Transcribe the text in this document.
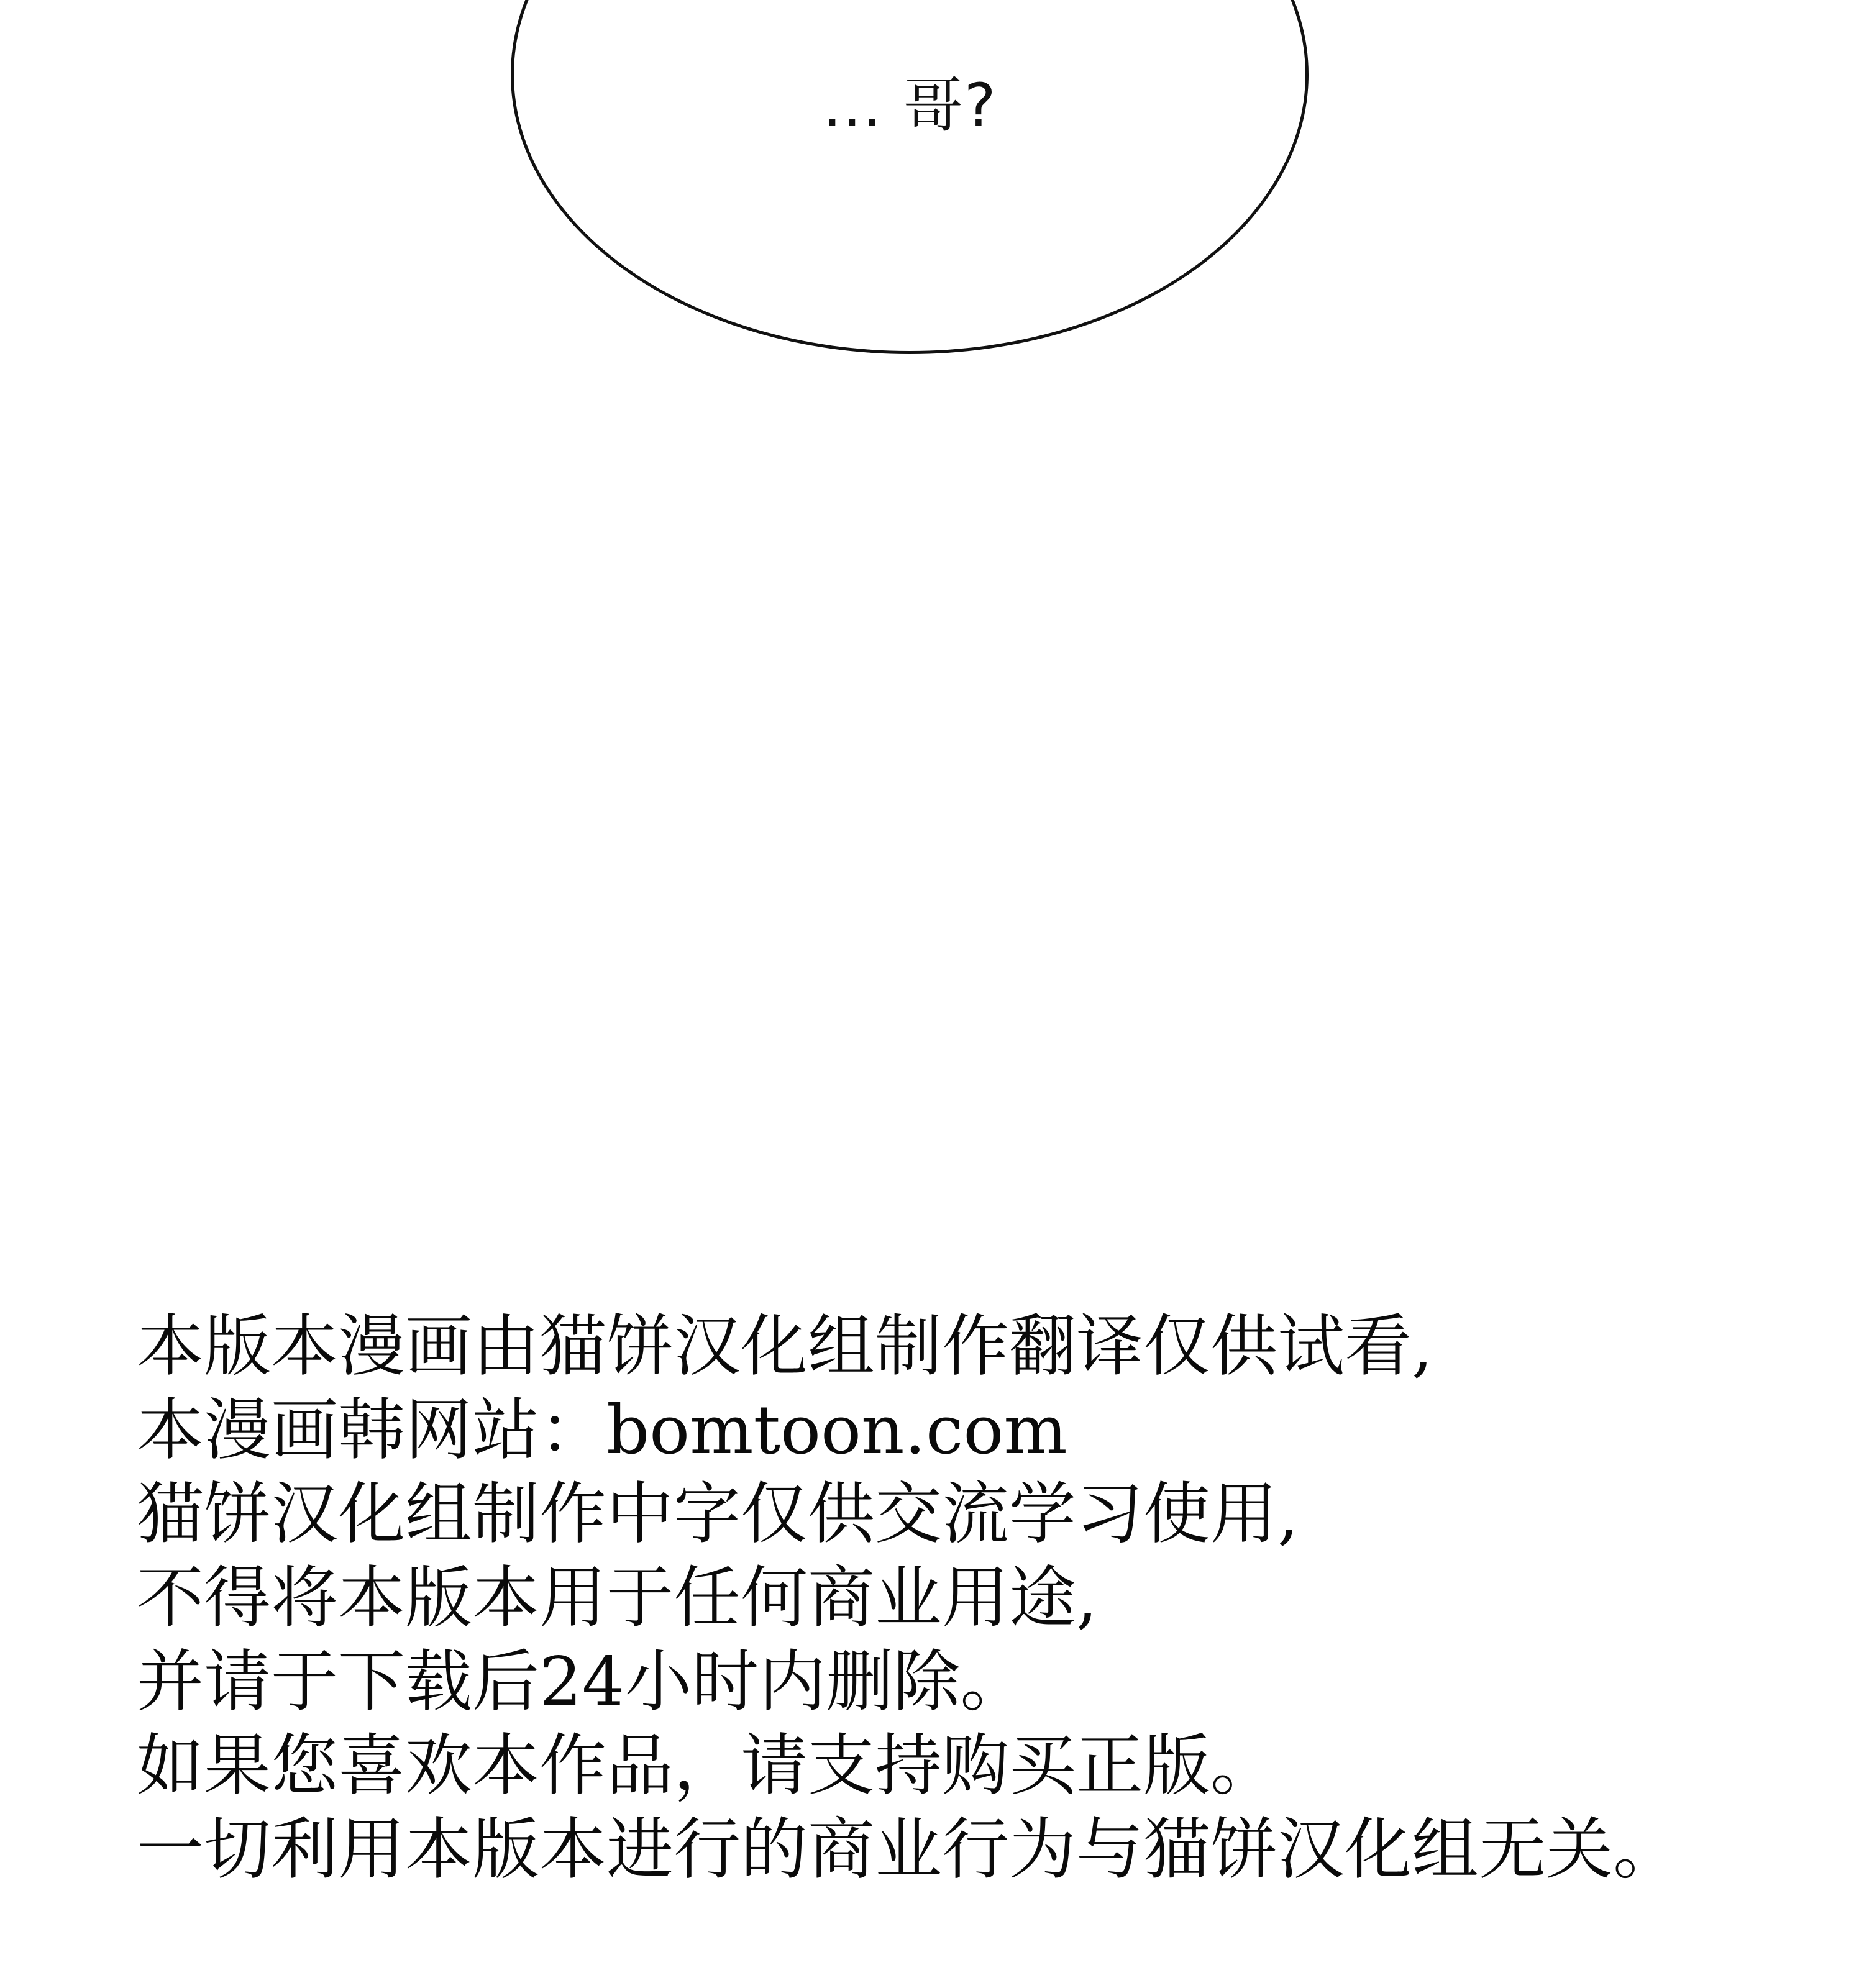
… 哥?
本版本漫画由猫饼汉化组制作翻译仅供试看,
本漫画韩网站：bomtoon.com
猫饼汉化组制作中字仅供交流学习使用,
不得将本版本用于任何商业用途,
并请于下载后24小时内删除。
如果您喜欢本作品，请支持购买正版。
一切利用本版本进行的商业行为与猫饼汉化组无关。
